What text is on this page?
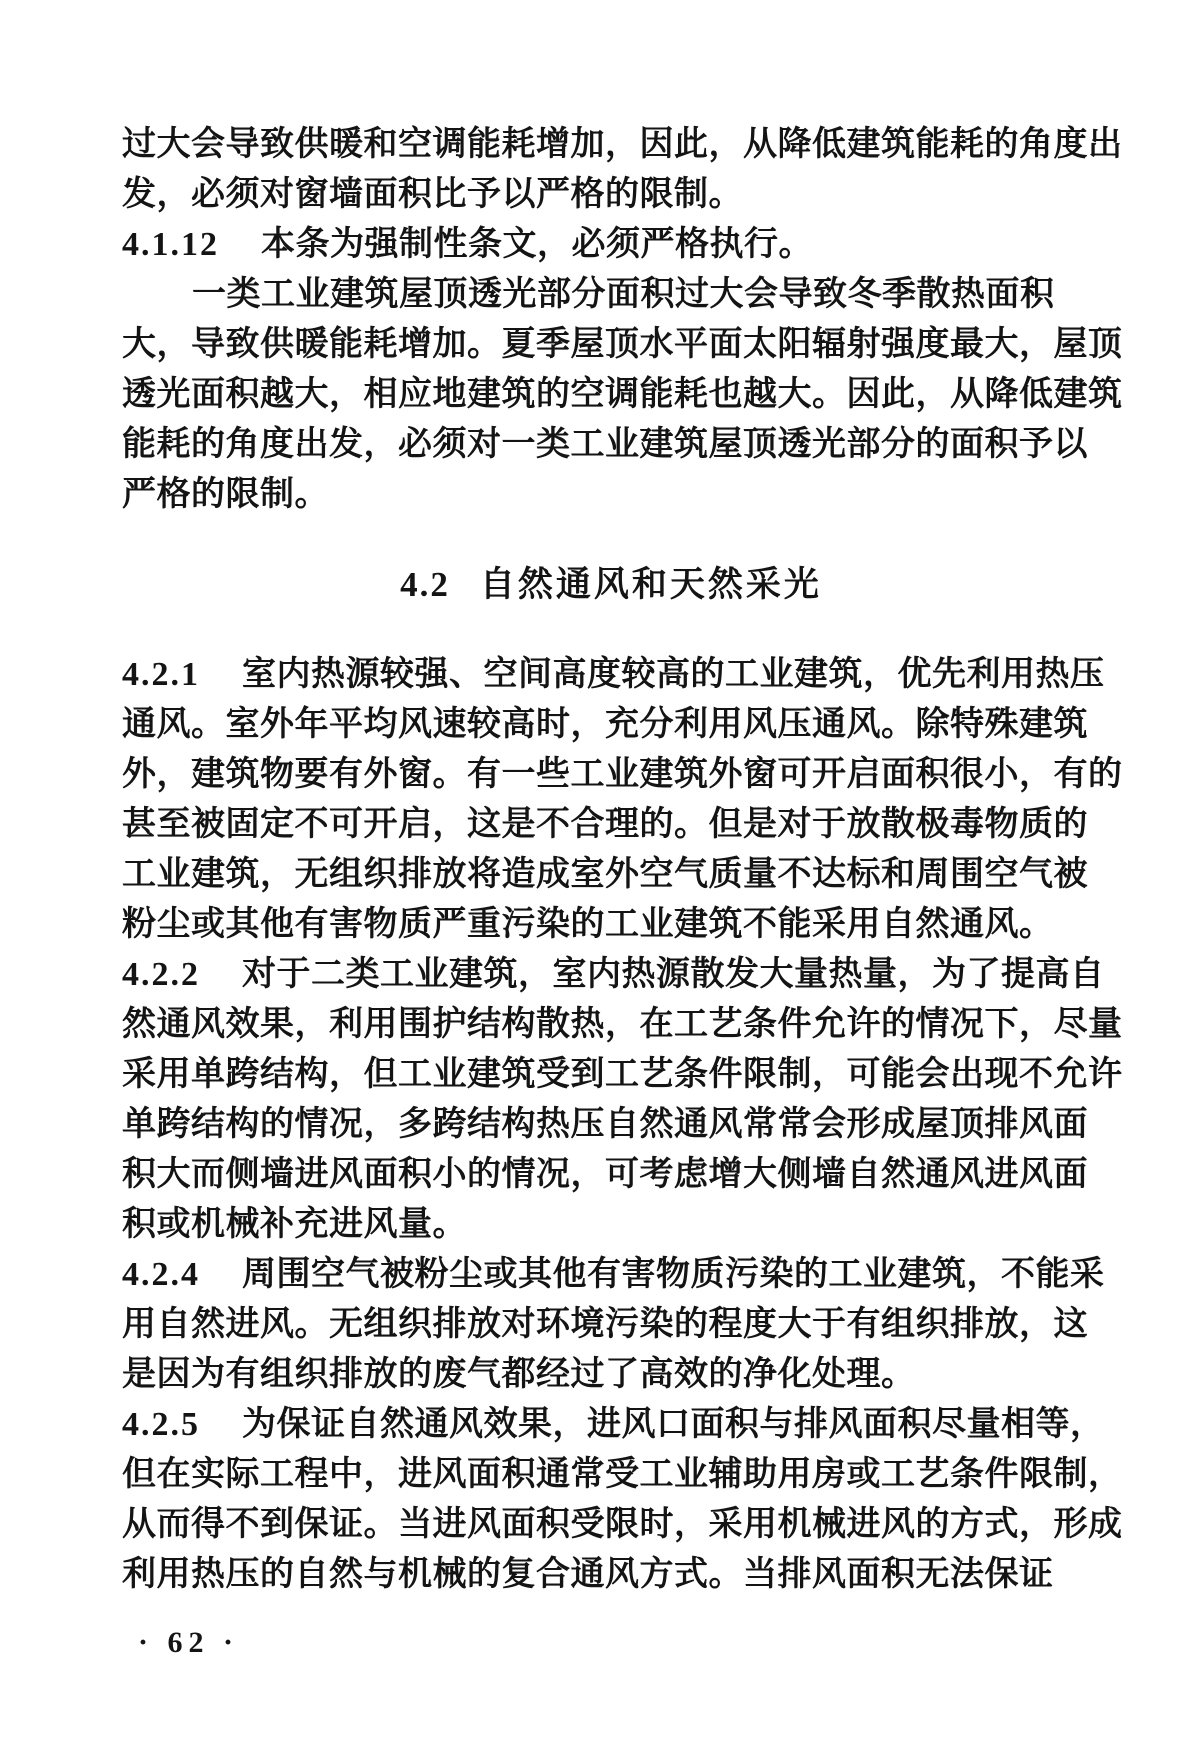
过大会导致供暖和空调能耗增加，因此，从降低建筑能耗的角度出
发，必须对窗墙面积比予以严格的限制。
4.1.12 本条为强制性条文，必须严格执行。
一类工业建筑屋顶透光部分面积过大会导致冬季散热面积
大，导致供暖能耗增加。夏季屋顶水平面太阳辐射强度最大，屋顶
透光面积越大，相应地建筑的空调能耗也越大。因此，从降低建筑
能耗的角度出发，必须对一类工业建筑屋顶透光部分的面积予以
严格的限制。
4.2 自然通风和天然采光
4.2.1 室内热源较强、空间高度较高的工业建筑，优先利用热压
通风。室外年平均风速较高时，充分利用风压通风。除特殊建筑
外，建筑物要有外窗。有一些工业建筑外窗可开启面积很小，有的
甚至被固定不可开启，这是不合理的。但是对于放散极毒物质的
工业建筑，无组织排放将造成室外空气质量不达标和周围空气被
粉尘或其他有害物质严重污染的工业建筑不能采用自然通风。
4.2.2 对于二类工业建筑，室内热源散发大量热量，为了提高自
然通风效果，利用围护结构散热，在工艺条件允许的情况下，尽量
采用单跨结构，但工业建筑受到工艺条件限制，可能会出现不允许
单跨结构的情况，多跨结构热压自然通风常常会形成屋顶排风面
积大而侧墙进风面积小的情况，可考虑增大侧墙自然通风进风面
积或机械补充进风量。
4.2.4 周围空气被粉尘或其他有害物质污染的工业建筑，不能采
用自然进风。无组织排放对环境污染的程度大于有组织排放，这
是因为有组织排放的废气都经过了高效的净化处理。
4.2.5 为保证自然通风效果，进风口面积与排风面积尽量相等，
但在实际工程中，进风面积通常受工业辅助用房或工艺条件限制，
从而得不到保证。当进风面积受限时，采用机械进风的方式，形成
利用热压的自然与机械的复合通风方式。当排风面积无法保证
· 62 ·
